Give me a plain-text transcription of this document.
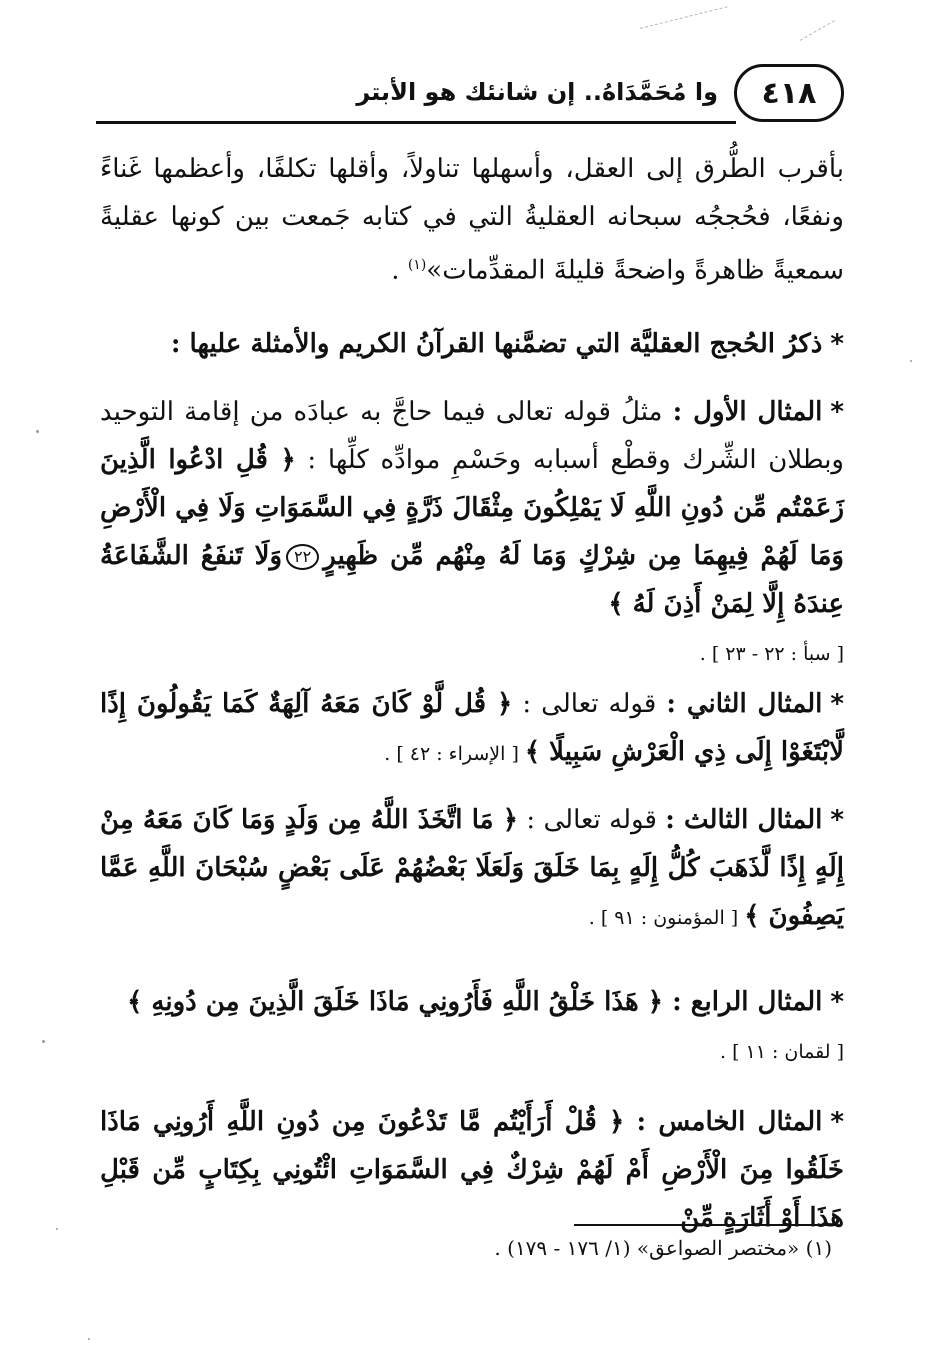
٤١٨
وا مُحَمَّدَاهُ.. إن شانئك هو الأبتر

بأقرب الطُّرق إلى العقل، وأسهلها تناولاً، وأقلها تكلفًا، وأعظمها غَناءً ونفعًا، فحُججُه سبحانه العقليةُ التي في كتابه جَمعت بين كونها عقليةً سمعيةً ظاهرةً واضحةً قليلةَ المقدِّمات»$^{(١)}$ .

*ذكرُ الحُجج العقليَّة التي تضمَّنها القرآنُ الكريم والأمثلة عليها :

*المثال الأول : مثلُ قوله تعالى فيما حاجَّ به عبادَه من إقامة التوحيد وبطلان الشِّرك وقطْع أسبابه وحَسْمِ موادِّه كلِّها : ﴿ قُلِ ادْعُوا الَّذِينَ زَعَمْتُم مِّن دُونِ اللَّهِ لَا يَمْلِكُونَ مِثْقَالَ ذَرَّةٍ فِي السَّمَوَاتِ وَلَا فِي الْأَرْضِ وَمَا لَهُمْ فِيهِمَا مِن شِرْكٍ وَمَا لَهُ مِنْهُم مِّن ظَهِيرٍ٢٢وَلَا تَنفَعُ الشَّفَاعَةُ عِندَهُ إِلَّا لِمَنْ أَذِنَ لَهُ ﴾
[ سبأ : ٢٢ - ٢٣ ] .

*المثال الثاني : قوله تعالى : ﴿ قُل لَّوْ كَانَ مَعَهُ آلِهَةٌ كَمَا يَقُولُونَ إِذًا لَّابْتَغَوْا إِلَى ذِي الْعَرْشِ سَبِيلًا ﴾ [ الإسراء : ٤٢ ] .

*المثال الثالث : قوله تعالى : ﴿ مَا اتَّخَذَ اللَّهُ مِن وَلَدٍ وَمَا كَانَ مَعَهُ مِنْ إِلَهٍ إِذًا لَّذَهَبَ كُلُّ إِلَهٍ بِمَا خَلَقَ وَلَعَلَا بَعْضُهُمْ عَلَى بَعْضٍ سُبْحَانَ اللَّهِ عَمَّا يَصِفُونَ ﴾ [ المؤمنون : ٩١ ] .

*المثال الرابع : ﴿ هَذَا خَلْقُ اللَّهِ فَأَرُونِي مَاذَا خَلَقَ الَّذِينَ مِن دُونِهِ ﴾
[ لقمان : ١١ ] .

*المثال الخامس : ﴿ قُلْ أَرَأَيْتُم مَّا تَدْعُونَ مِن دُونِ اللَّهِ أَرُونِي مَاذَا خَلَقُوا مِنَ الْأَرْضِ أَمْ لَهُمْ شِرْكٌ فِي السَّمَوَاتِ ائْتُونِي بِكِتَابٍ مِّن قَبْلِ هَذَا أَوْ أَثَارَةٍ مِّنْ

(١) «مختصر الصواعق» (١/ ١٧٦ - ١٧٩) .
